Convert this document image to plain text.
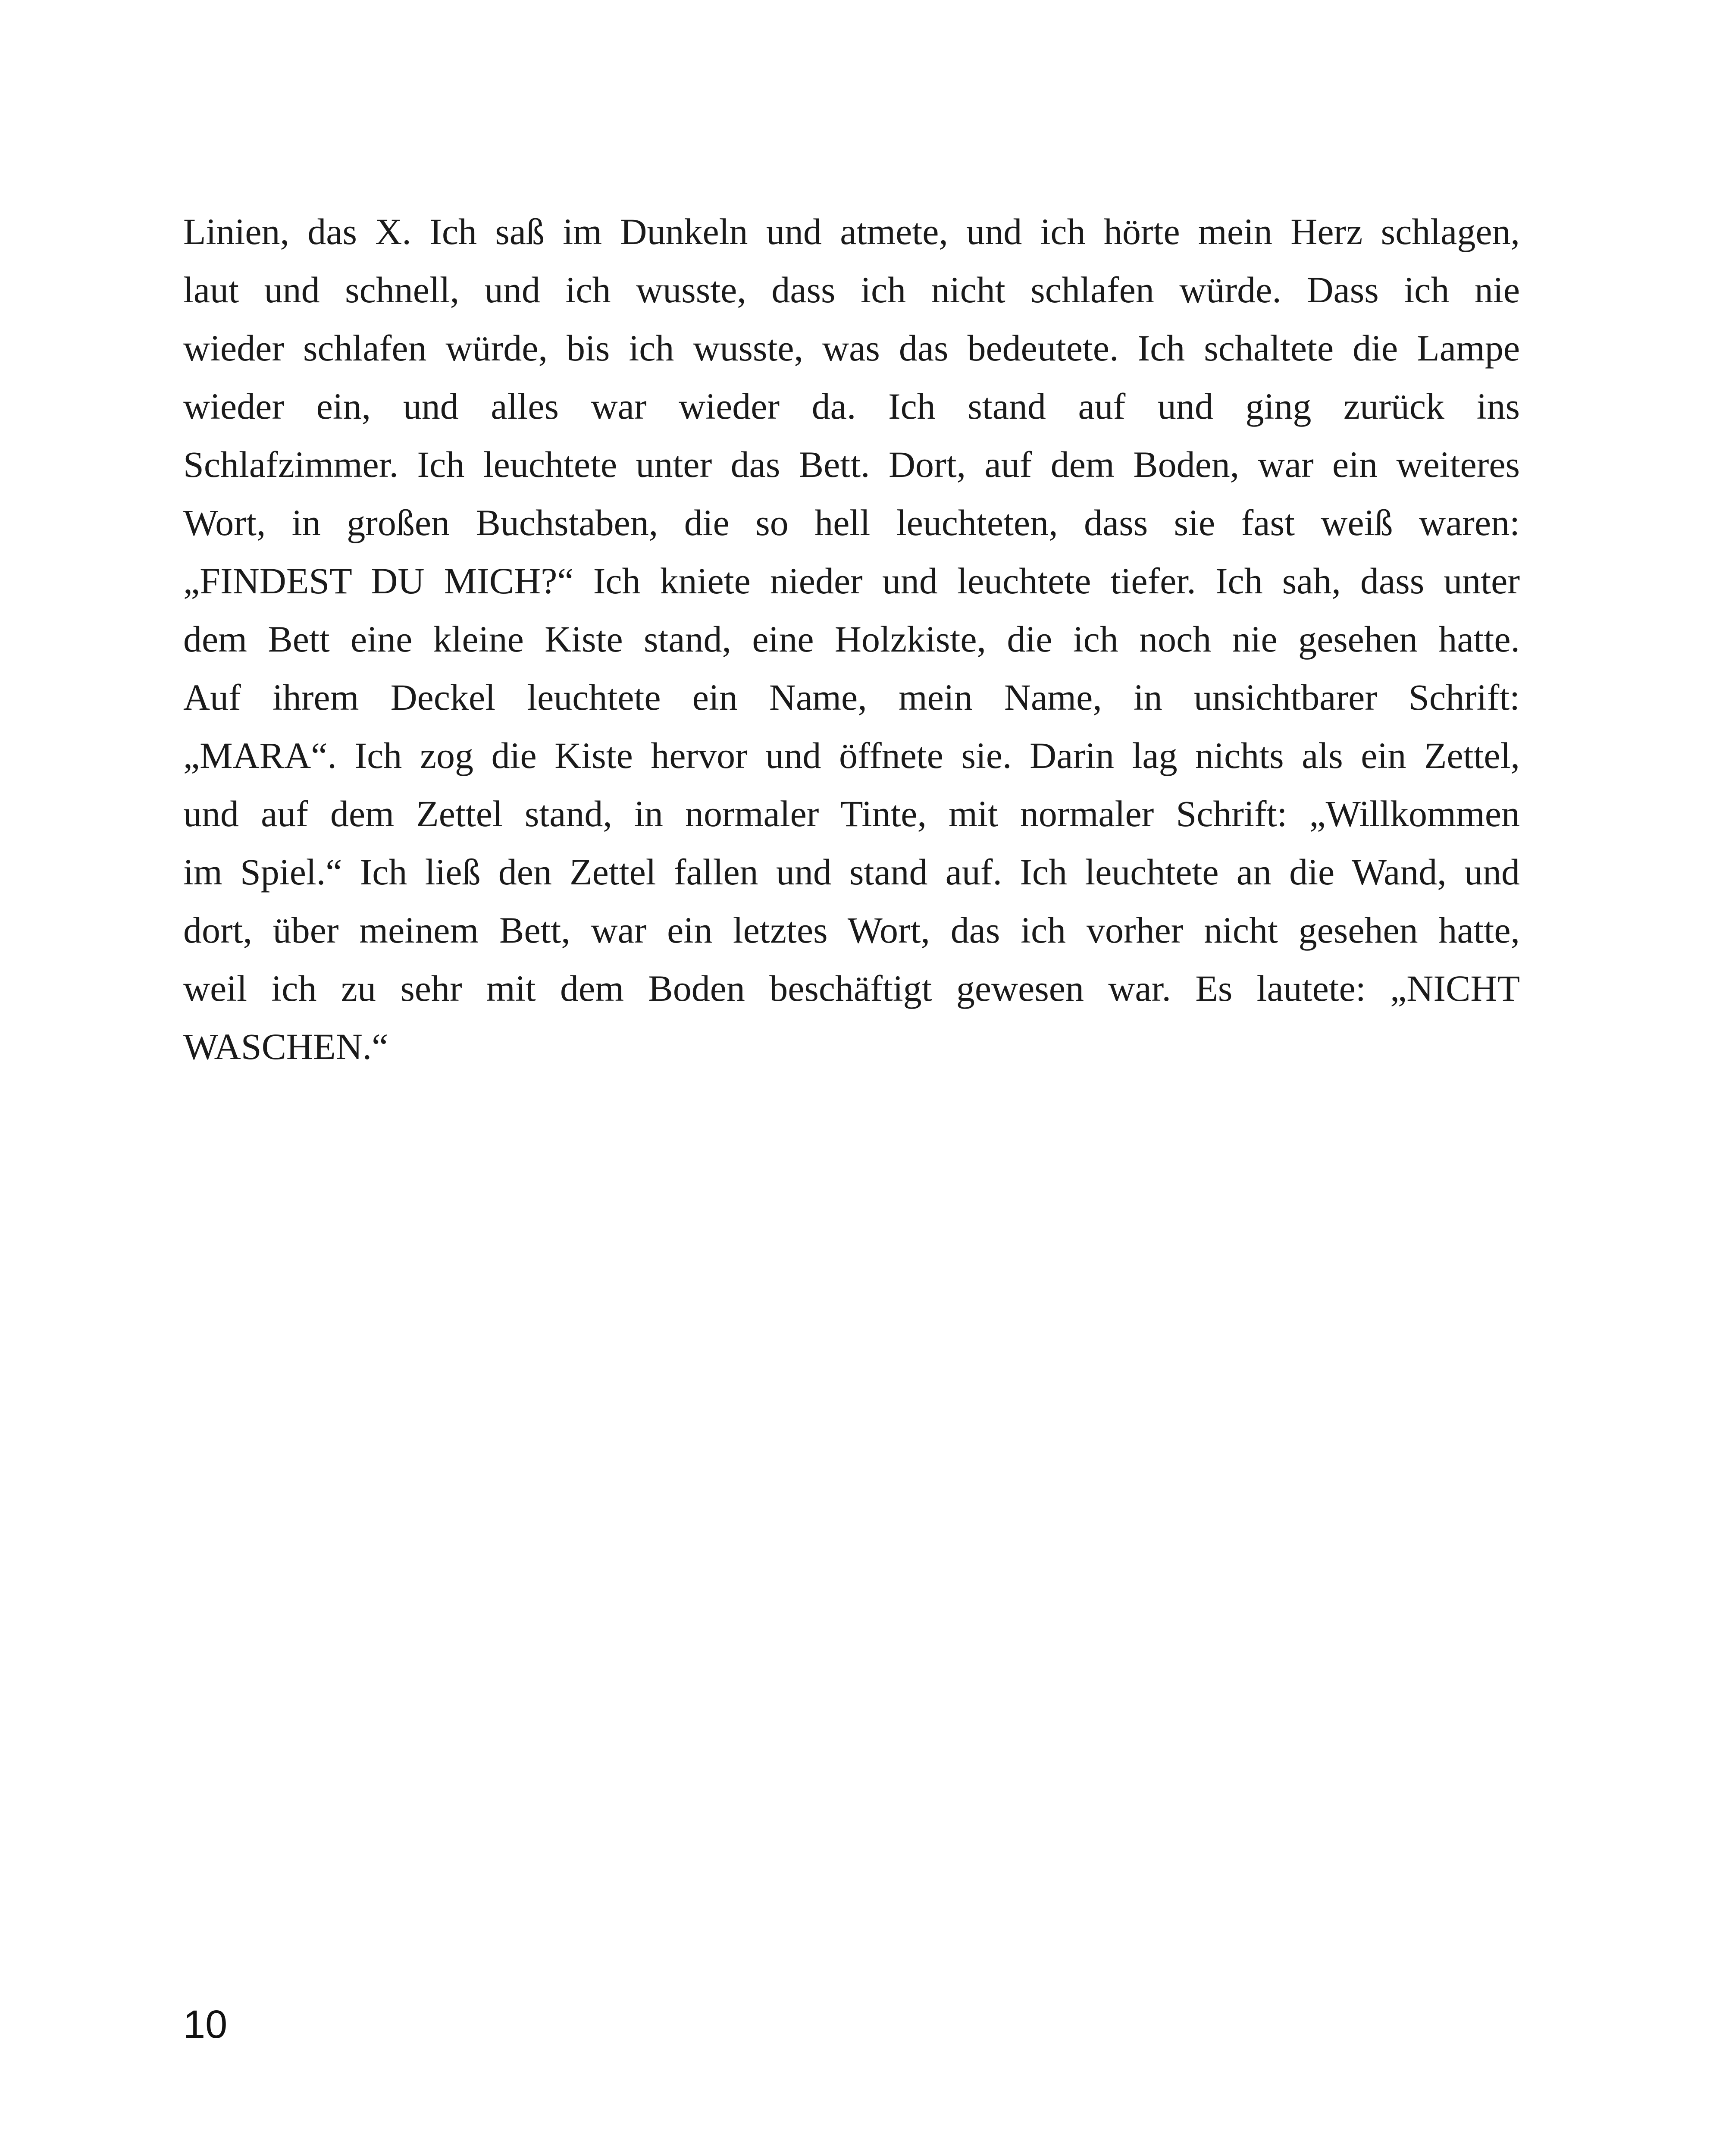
Linien, das X. Ich saß im Dunkeln und atmete, und ich hörte mein Herz schlagen,
laut und schnell, und ich wusste, dass ich nicht schlafen würde. Dass ich nie
wieder schlafen würde, bis ich wusste, was das bedeutete. Ich schaltete die Lampe
wieder ein, und alles war wieder da. Ich stand auf und ging zurück ins
Schlafzimmer. Ich leuchtete unter das Bett. Dort, auf dem Boden, war ein weiteres
Wort, in großen Buchstaben, die so hell leuchteten, dass sie fast weiß waren:
„FINDEST DU MICH?“ Ich kniete nieder und leuchtete tiefer. Ich sah, dass unter
dem Bett eine kleine Kiste stand, eine Holzkiste, die ich noch nie gesehen hatte.
Auf ihrem Deckel leuchtete ein Name, mein Name, in unsichtbarer Schrift:
„MARA“. Ich zog die Kiste hervor und öffnete sie. Darin lag nichts als ein Zettel,
und auf dem Zettel stand, in normaler Tinte, mit normaler Schrift: „Willkommen
im Spiel.“ Ich ließ den Zettel fallen und stand auf. Ich leuchtete an die Wand, und
dort, über meinem Bett, war ein letztes Wort, das ich vorher nicht gesehen hatte,
weil ich zu sehr mit dem Boden beschäftigt gewesen war. Es lautete: „NICHT
WASCHEN.“

10
